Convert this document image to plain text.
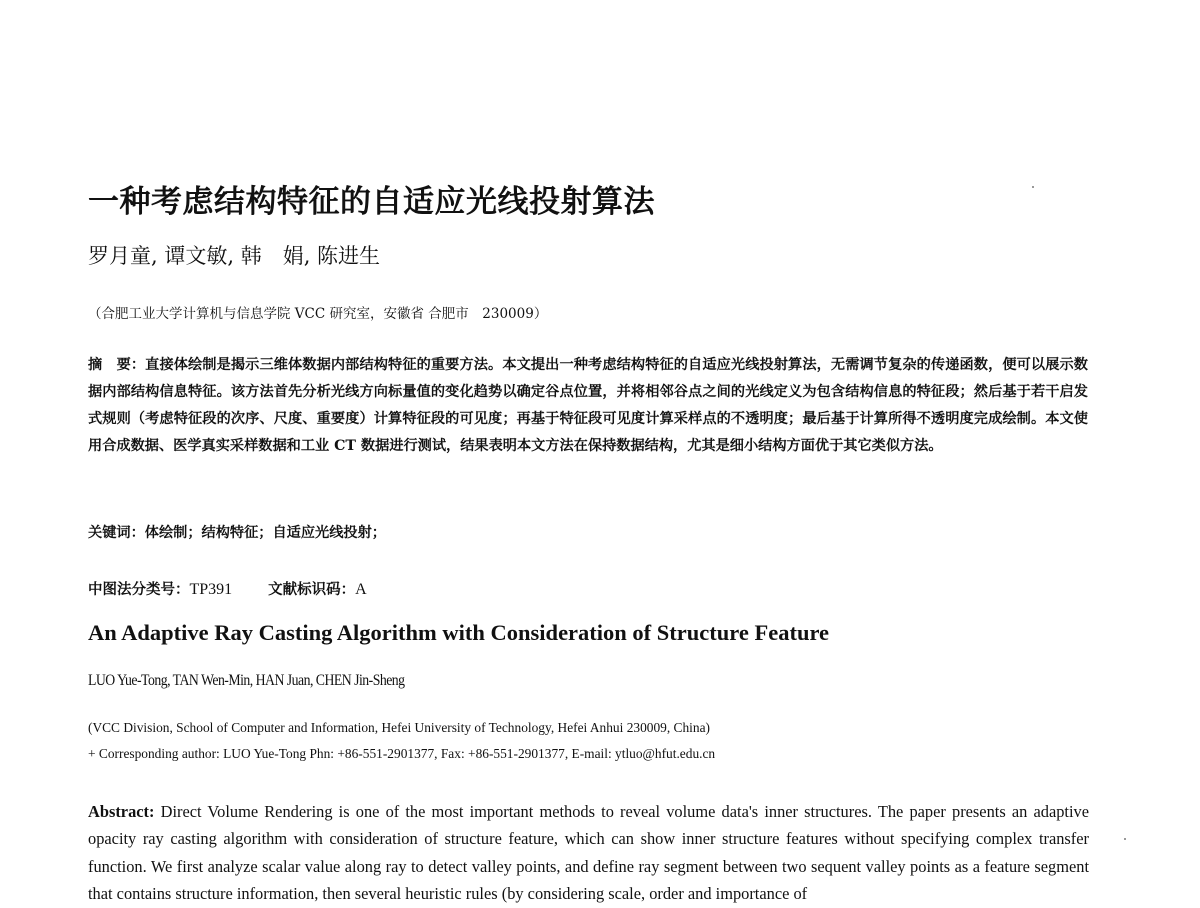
一种考虑结构特征的自适应光线投射算法

罗月童, 谭文敏, 韩　娟, 陈进生

（合肥工业大学计算机与信息学院 VCC 研究室，安徽省 合肥市　230009）

摘　要：直接体绘制是揭示三维体数据内部结构特征的重要方法。本文提出一种考虑结构特征的自适应光线投射算法，无需调节复杂的传递函数，便可以展示数据内部结构信息特征。该方法首先分析光线方向标量值的变化趋势以确定谷点位置，并将相邻谷点之间的光线定义为包含结构信息的特征段；然后基于若干启发式规则（考虑特征段的次序、尺度、重要度）计算特征段的可见度；再基于特征段可见度计算采样点的不透明度；最后基于计算所得不透明度完成绘制。本文使用合成数据、医学真实采样数据和工业 CT 数据进行测试，结果表明本文方法在保持数据结构，尤其是细小结构方面优于其它类似方法。

关键词：体绘制；结构特征；自适应光线投射；

中图法分类号：TP391 文献标识码：A

An Adaptive Ray Casting Algorithm with Consideration of Structure Feature

LUO Yue-Tong, TAN Wen-Min, HAN Juan, CHEN Jin-Sheng

(VCC Division, School of Computer and Information, Hefei University of Technology, Hefei Anhui 230009, China)

+ Corresponding author: LUO Yue-Tong Phn: +86-551-2901377, Fax: +86-551-2901377, E-mail: ytluo@hfut.edu.cn

Abstract: Direct Volume Rendering is one of the most important methods to reveal volume data's inner structures. The paper presents an adaptive opacity ray casting algorithm with consideration of structure feature, which can show inner structure features without specifying complex transfer function. We first analyze scalar value along ray to detect valley points, and define ray segment between two sequent valley points as a feature segment that contains structure information, then several heuristic rules (by considering scale, order and importance of
